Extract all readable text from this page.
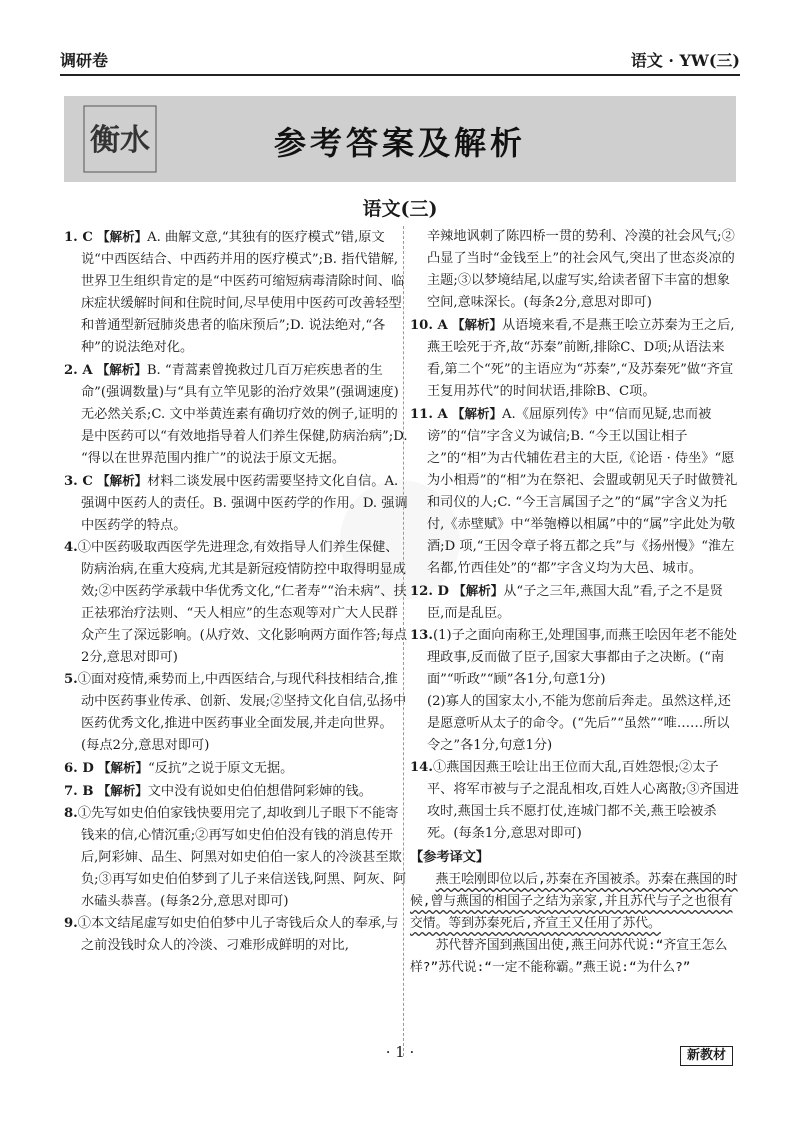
调研卷	语文 · YW(三)
衡水	参考答案及解析
语文(三)

1. C 【解析】A. 曲解文意,“其独有的医疗模式”错,原文说“中西医结合、中西药并用的医疗模式”;B. 指代错解,世界卫生组织肯定的是“中医药可缩短病毒清除时间、临床症状缓解时间和住院时间,尽早使用中医药可改善轻型和普通型新冠肺炎患者的临床预后”;D. 说法绝对,“各种”的说法绝对化。

2. A 【解析】B. “青蒿素曾挽救过几百万疟疾患者的生命”(强调数量)与“具有立竿见影的治疗效果”(强调速度)无必然关系;C. 文中举黄连素有确切疗效的例子,证明的是中医药可以“有效地指导着人们养生保健,防病治病”;D. “得以在世界范围内推广”的说法于原文无据。

3. C 【解析】材料二谈发展中医药需要坚持文化自信。A. 强调中医药人的责任。B. 强调中医药学的作用。D. 强调中医药学的特点。

4.①中医药吸取西医学先进理念,有效指导人们养生保健、防病治病,在重大疫病,尤其是新冠疫情防控中取得明显成效;②中医药学承载中华优秀文化,“仁者寿”“治未病”、扶正祛邪治疗法则、“天人相应”的生态观等对广大人民群众产生了深远影响。(从疗效、文化影响两方面作答;每点2分,意思对即可)

5.①面对疫情,乘势而上,中西医结合,与现代科技相结合,推动中医药事业传承、创新、发展;②坚持文化自信,弘扬中医药优秀文化,推进中医药事业全面发展,并走向世界。(每点2分,意思对即可)

6. D 【解析】“反抗”之说于原文无据。

7. B 【解析】文中没有说如史伯伯想借阿彩婶的钱。

8.①先写如史伯伯家钱快要用完了,却收到儿子眼下不能寄钱来的信,心情沉重;②再写如史伯伯没有钱的消息传开后,阿彩婶、品生、阿黑对如史伯伯一家人的冷淡甚至欺负;③再写如史伯伯梦到了儿子来信送钱,阿黑、阿灰、阿水磕头恭喜。(每条2分,意思对即可)

9.①本文结尾虚写如史伯伯梦中儿子寄钱后众人的奉承,与之前没钱时众人的冷淡、刁难形成鲜明的对比,

辛辣地讽刺了陈四桥一贯的势利、冷漠的社会风气;②凸显了当时“金钱至上”的社会风气,突出了世态炎凉的主题;③以梦境结尾,以虚写实,给读者留下丰富的想象空间,意味深长。(每条2分,意思对即可)

10. A 【解析】从语境来看,不是燕王哙立苏秦为王之后,燕王哙死于齐,故“苏秦”前断,排除C、D项;从语法来看,第二个“死”的主语应为“苏秦”,“及苏秦死”做“齐宣王复用苏代”的时间状语,排除B、C项。

11. A 【解析】A.《屈原列传》中“信而见疑,忠而被谤”的“信”字含义为诚信;B. “今王以国让相子之”的“相”为古代辅佐君主的大臣,《论语 · 侍坐》“愿为小相焉”的“相”为在祭祀、会盟或朝见天子时做赞礼和司仪的人;C. “今王言属国子之”的“属”字含义为托付,《赤壁赋》中“举匏樽以相属”中的“属”字此处为敬酒;D 项,“王因令章子将五都之兵”与《扬州慢》“淮左名都,竹西佳处”的“都”字含义均为大邑、城市。

12. D 【解析】从“子之三年,燕国大乱”看,子之不是贤臣,而是乱臣。

13.(1)子之面向南称王,处理国事,而燕王哙因年老不能处理政事,反而做了臣子,国家大事都由子之决断。(“南面”“听政”“顾”各1分,句意1分)

(2)寡人的国家太小,不能为您前后奔走。虽然这样,还是愿意听从太子的命令。(“先后”“虽然”“唯……所以令之”各1分,句意1分)

14.①燕国因燕王哙让出王位而大乱,百姓怨恨;②太子平、将军市被与子之混乱相攻,百姓人心离散;③齐国进攻时,燕国士兵不愿打仗,连城门都不关,燕王哙被杀死。(每条1分,意思对即可)

【参考译文】

燕王哙刚即位以后,苏秦在齐国被杀。苏秦在燕国的时候,曾与燕国的相国子之结为亲家,并且苏代与子之也很有交情。等到苏秦死后,齐宣王又任用了苏代。

苏代替齐国到燕国出使,燕王问苏代说:“齐宣王怎么样?”苏代说:“一定不能称霸。”燕王说:“为什么?”

· 1 ·	新教材
